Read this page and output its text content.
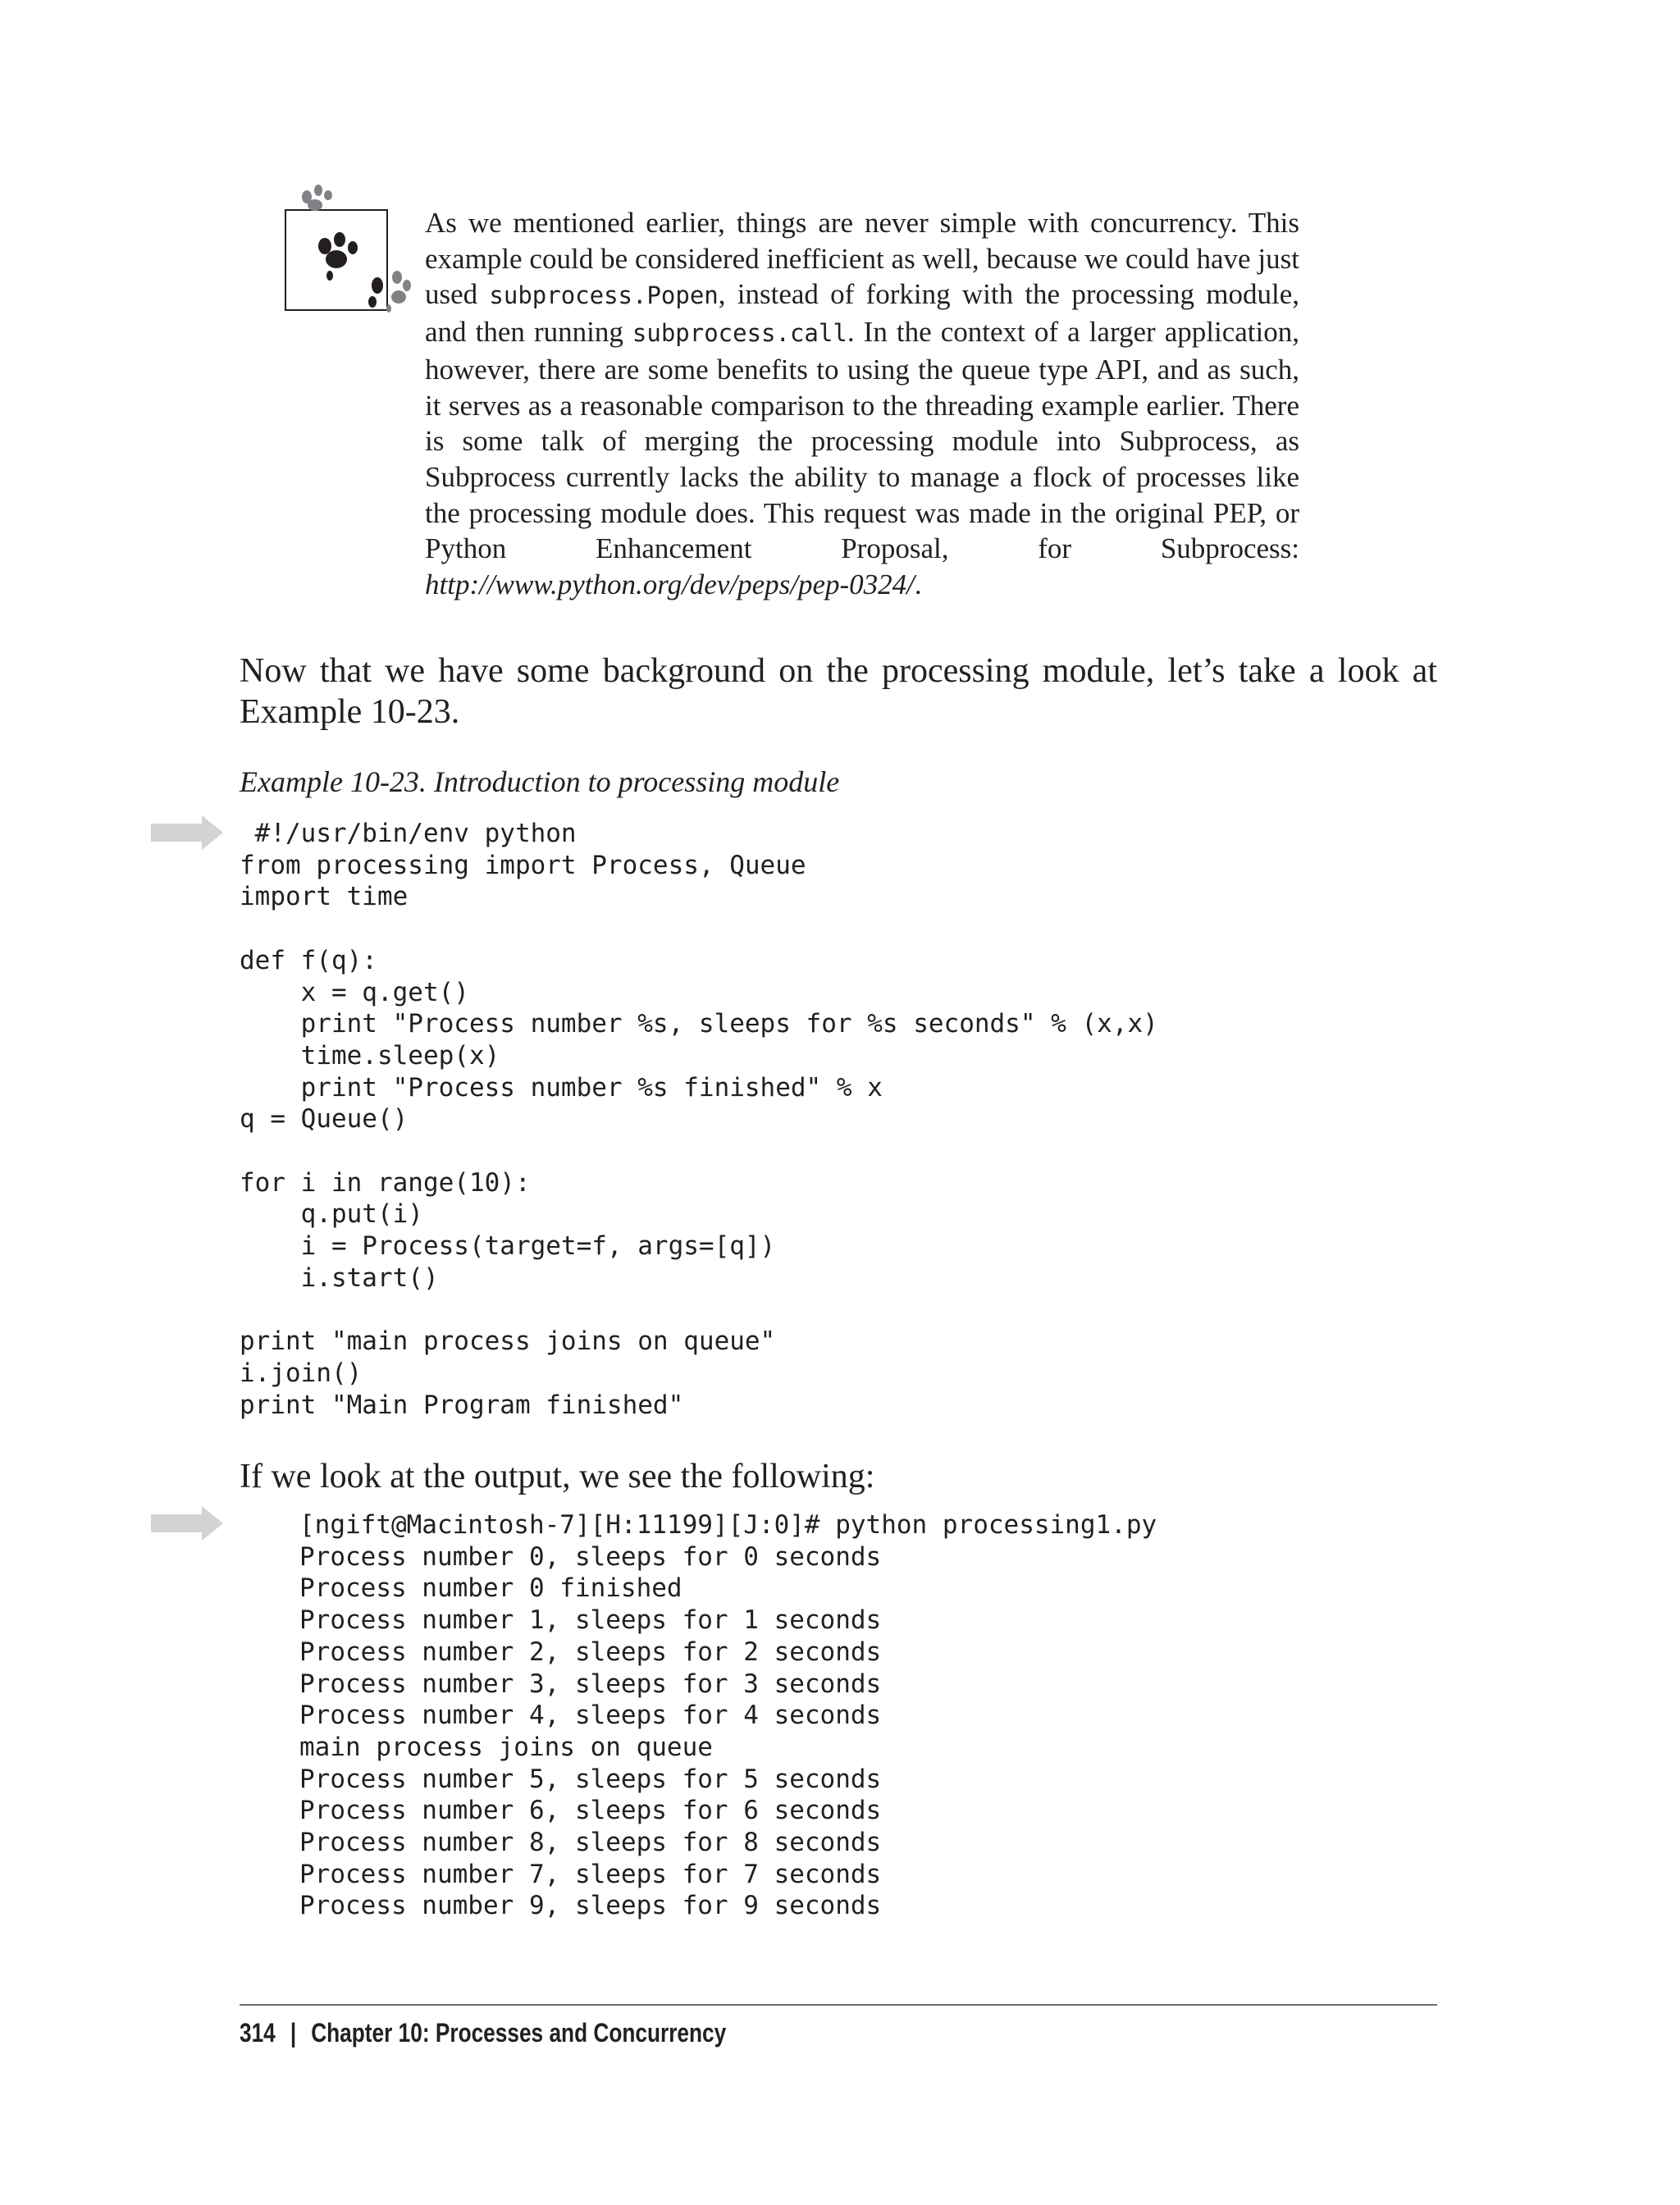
As we mentioned earlier, things are never simple with concurrency. This example could be considered inefficient as well, because we could have just used subprocess.Popen, instead of forking with the processing module, and then running subprocess.call. In the context of a larger application, however, there are some benefits to using the queue type API, and as such, it serves as a reasonable comparison to the threading example earlier. There is some talk of merging the processing module into Subprocess, as Subprocess currently lacks the ability to manage a flock of processes like the processing module does. This request was made in the original PEP, or Python Enhancement Proposal, for Subprocess: http://www.python.org/dev/peps/pep-0324/.
Now that we have some background on the processing module, let’s take a look at Example 10-23.
Example 10-23. Introduction to processing module
#!/usr/bin/env python
from processing import Process, Queue
import time

def f(q):
x = q.get()
print "Process number %s, sleeps for %s seconds" % (x,x)
time.sleep(x)
print "Process number %s finished" % x
q = Queue()

for i in range(10):
q.put(i)
i = Process(target=f, args=[q])
i.start()

print "main process joins on queue"
i.join()
print "Main Program finished"
If we look at the output, we see the following:
[ngift@Macintosh-7][H:11199][J:0]# python processing1.py
Process number 0, sleeps for 0 seconds
Process number 0 finished
Process number 1, sleeps for 1 seconds
Process number 2, sleeps for 2 seconds
Process number 3, sleeps for 3 seconds
Process number 4, sleeps for 4 seconds
main process joins on queue
Process number 5, sleeps for 5 seconds
Process number 6, sleeps for 6 seconds
Process number 8, sleeps for 8 seconds
Process number 7, sleeps for 7 seconds
Process number 9, sleeps for 9 seconds
314 | Chapter 10: Processes and Concurrency
